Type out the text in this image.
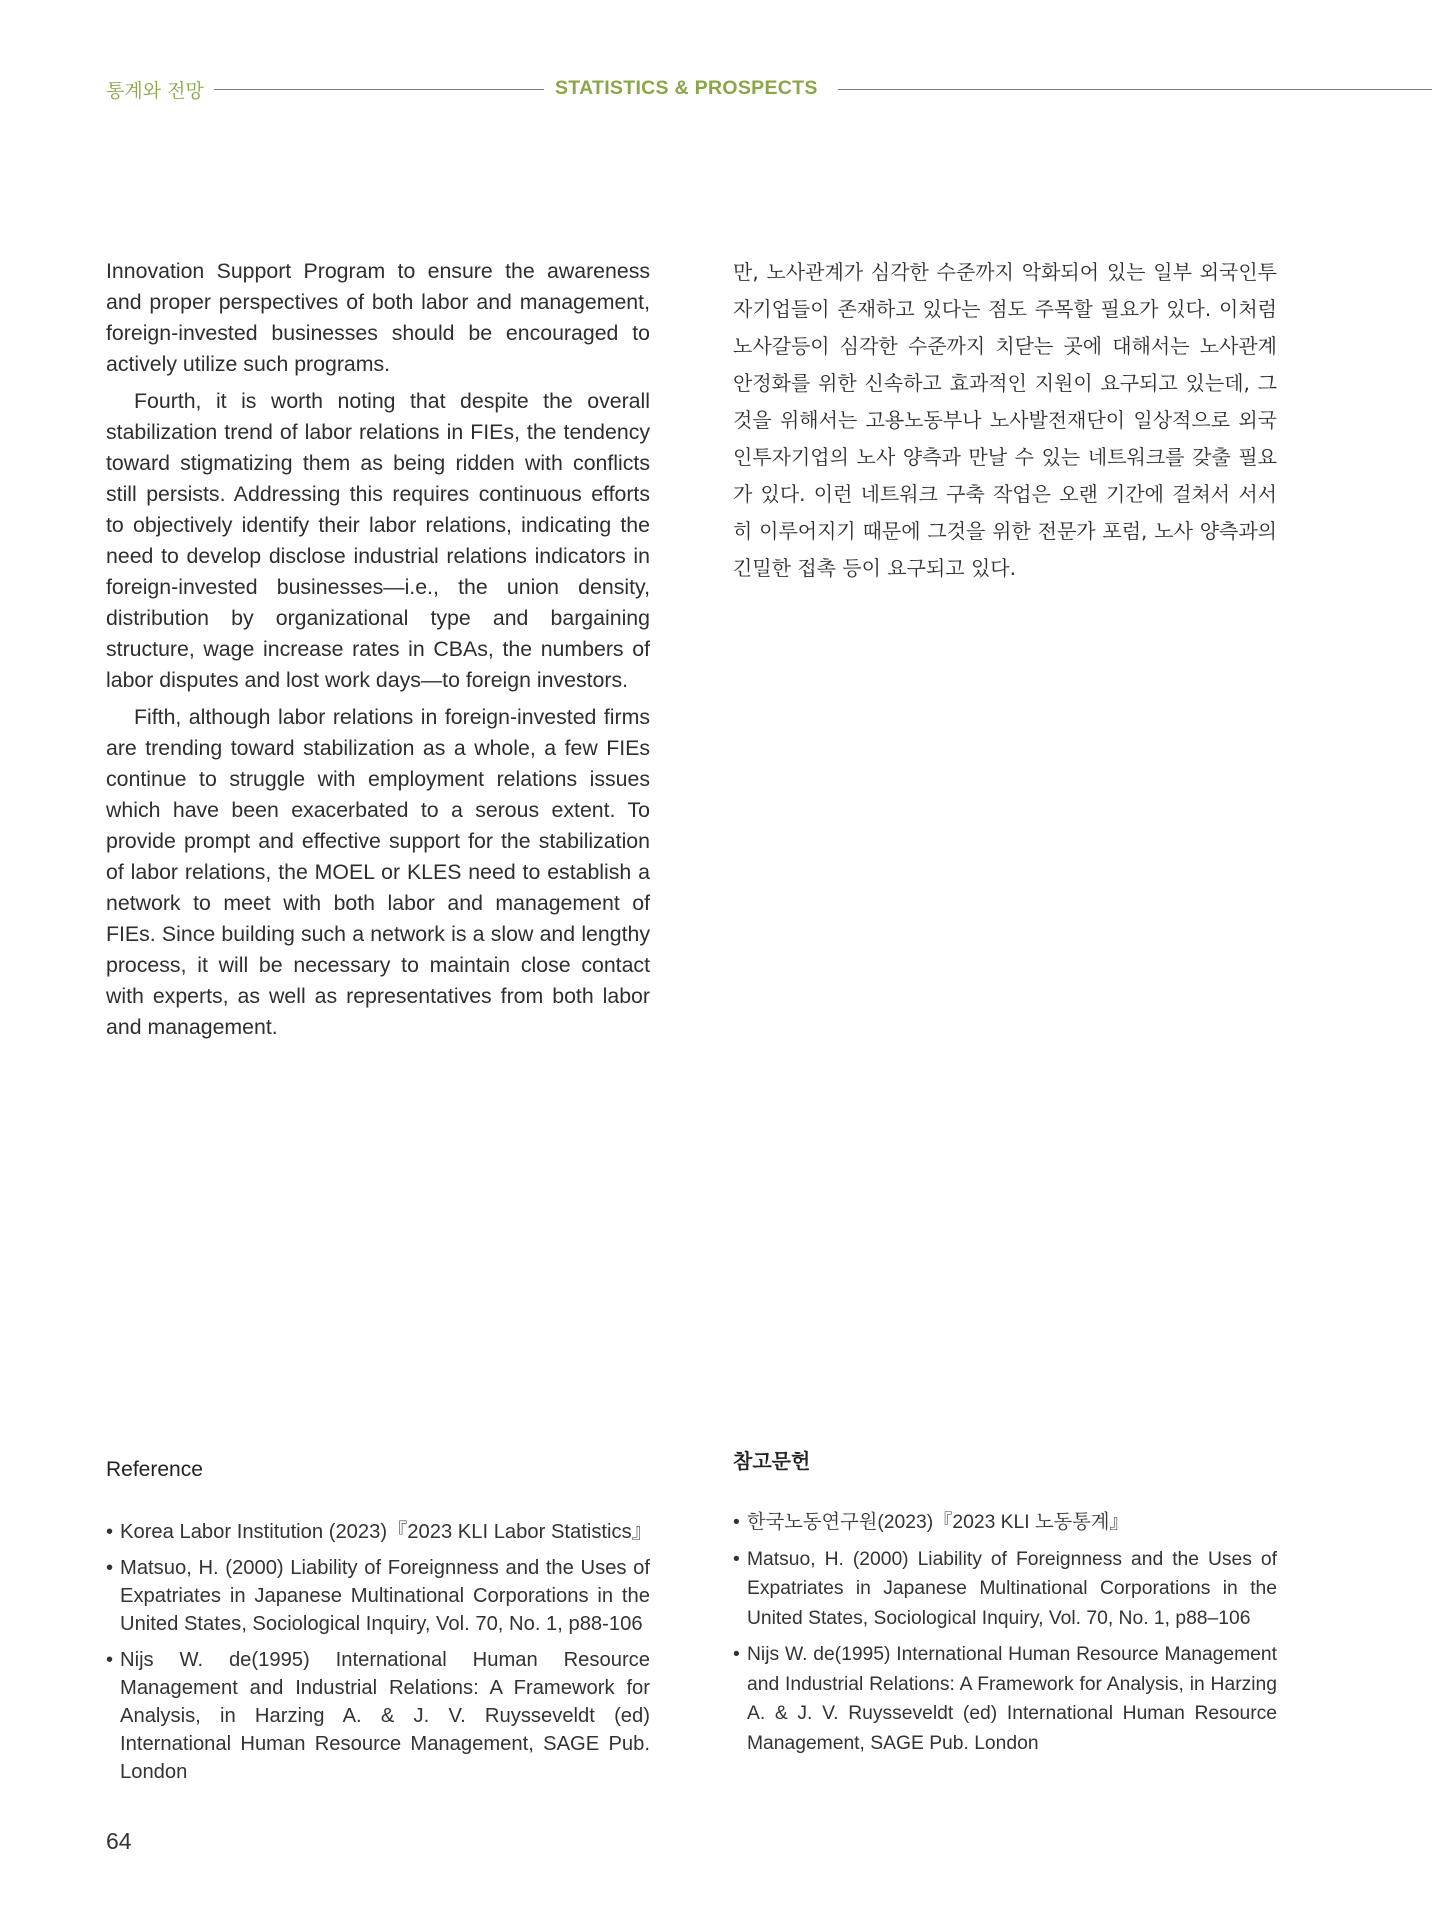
통계와 전망	STATISTICS & PROSPECTS

Innovation Support Program to ensure the awareness and proper perspectives of both labor and management, foreign-invested businesses should be encouraged to actively utilize such programs.

Fourth, it is worth noting that despite the overall stabilization trend of labor relations in FIEs, the tendency toward stigmatizing them as being ridden with conflicts still persists. Addressing this requires continuous efforts to objectively identify their labor relations, indicating the need to develop disclose industrial relations indicators in foreign-invested businesses—i.e., the union density, distribution by organizational type and bargaining structure, wage increase rates in CBAs, the numbers of labor disputes and lost work days—to foreign investors.

Fifth, although labor relations in foreign-invested firms are trending toward stabilization as a whole, a few FIEs continue to struggle with employment relations issues which have been exacerbated to a serous extent. To provide prompt and effective support for the stabilization of labor relations, the MOEL or KLES need to establish a network to meet with both labor and management of FIEs. Since building such a network is a slow and lengthy process, it will be necessary to maintain close contact with experts, as well as representatives from both labor and management.

만, 노사관계가 심각한 수준까지 악화되어 있는 일부 외국인투자기업들이 존재하고 있다는 점도 주목할 필요가 있다. 이처럼 노사갈등이 심각한 수준까지 치닫는 곳에 대해서는 노사관계 안정화를 위한 신속하고 효과적인 지원이 요구되고 있는데, 그것을 위해서는 고용노동부나 노사발전재단이 일상적으로 외국인투자기업의 노사 양측과 만날 수 있는 네트워크를 갖출 필요가 있다. 이런 네트워크 구축 작업은 오랜 기간에 걸쳐서 서서히 이루어지기 때문에 그것을 위한 전문가 포럼, 노사 양측과의 긴밀한 접촉 등이 요구되고 있다.

Reference
• Korea Labor Institution (2023)『2023 KLI Labor Statistics』
• Matsuo, H. (2000) Liability of Foreignness and the Uses of Expatriates in Japanese Multinational Corporations in the United States, Sociological Inquiry, Vol. 70, No. 1, p88-106
• Nijs W. de(1995) International Human Resource Management and Industrial Relations: A Framework for Analysis, in Harzing A. & J. V. Ruysseveldt (ed) International Human Resource Management, SAGE Pub. London
참고문헌
• 한국노동연구원(2023)『2023 KLI 노동통계』
• Matsuo, H. (2000) Liability of Foreignness and the Uses of Expatriates in Japanese Multinational Corporations in the United States, Sociological Inquiry, Vol. 70, No. 1, p88–106
• Nijs W. de(1995) International Human Resource Management and Industrial Relations: A Framework for Analysis, in Harzing A. & J. V. Ruysseveldt (ed) International Human Resource Management, SAGE Pub. London
64
